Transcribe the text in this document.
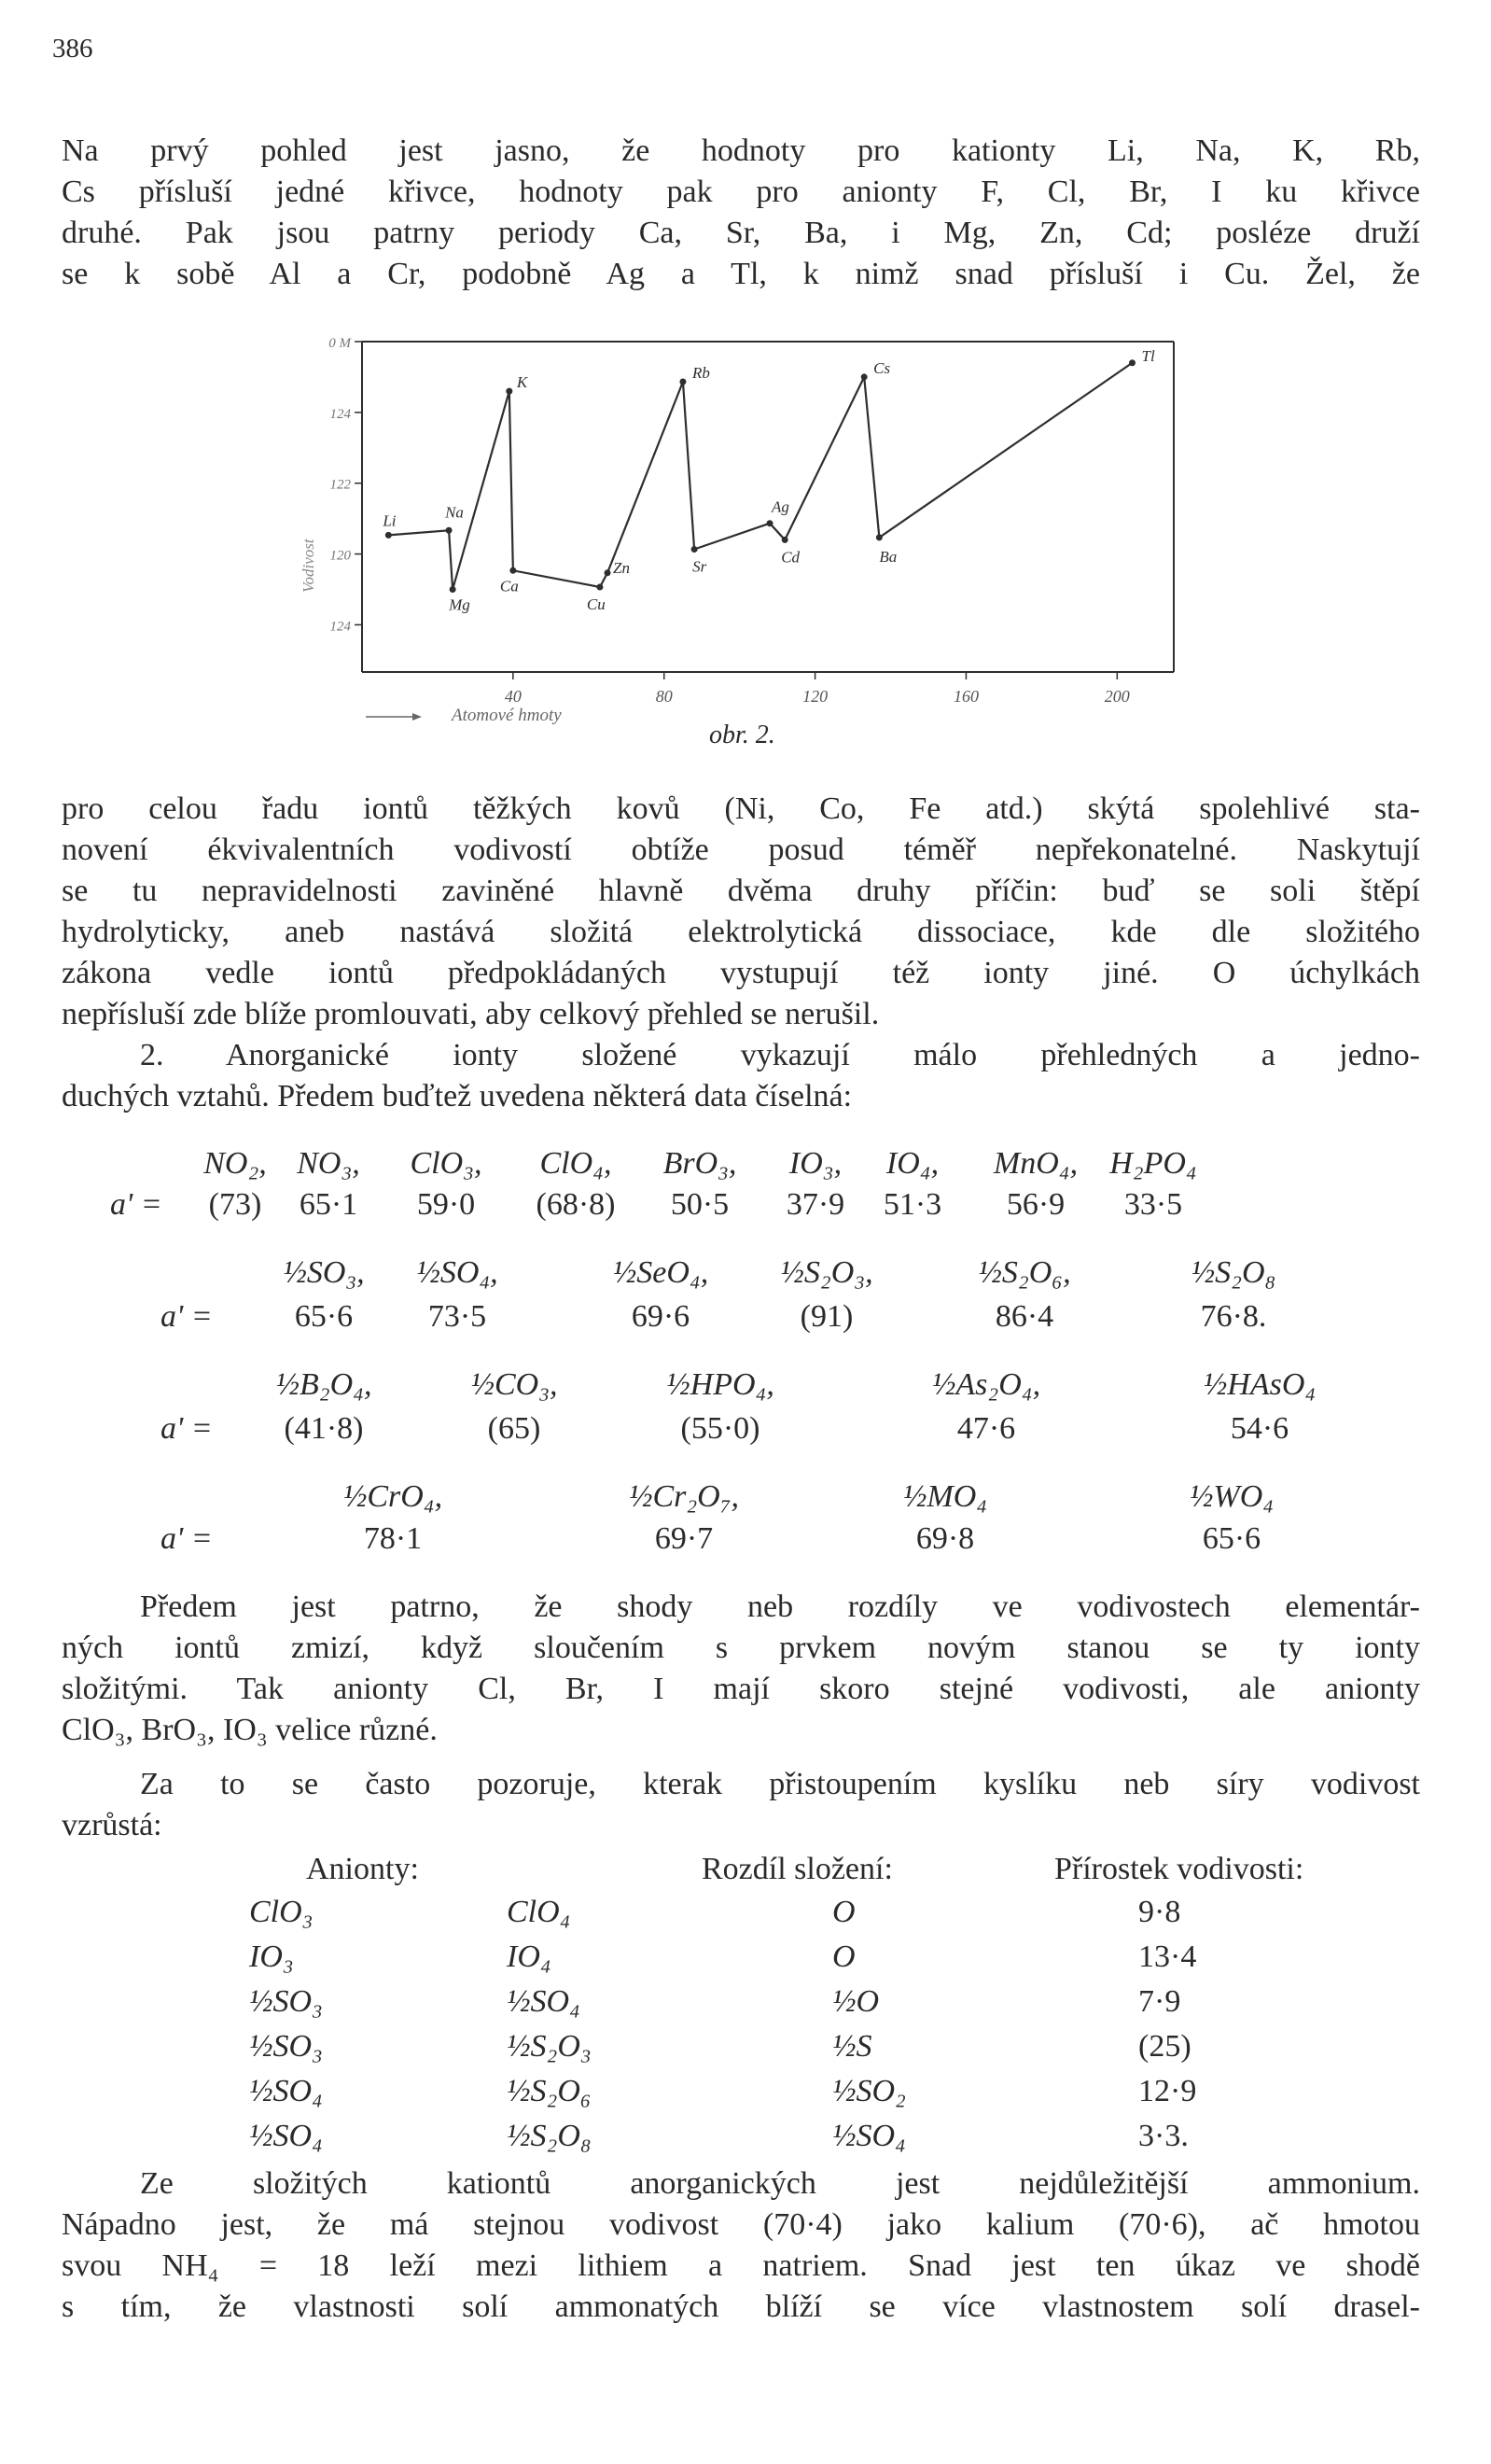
386
Na prvý pohled jest jasno, že hodnoty pro kationty Li, Na, K, Rb,
Cs přísluší jedné křivce, hodnoty pak pro anionty F, Cl, Br, I ku křivce
druhé. Pak jsou patrny periody Ca, Sr, Ba, i Mg, Zn, Cd; posléze druží
se k sobě Al a Cr, podobně Ag a Tl, k nimž snad přísluší i Cu. Žel, že
0 M
124
122
120
124
40	80	120	160	200
Atomové hmoty
Vodivost
Li	Na
Mg
K
Ca
Cu
Zn
Rb
Sr
Ag
Cd
Cs
Ba
Tl
obr. 2.
pro celou řadu iontů těžkých kovů (Ni, Co, Fe atd.) skýtá spolehlivé sta-
novení ékvivalentních vodivostí obtíže posud téměř nepřekonatelné. Naskytují
se tu nepravidelnosti zaviněné hlavně dvěma druhy příčin: buď se soli štěpí
hydrolyticky, aneb nastává složitá elektrolytická dissociace, kde dle složitého
zákona vedle iontů předpokládaných vystupují též ionty jiné. O úchylkách
nepřísluší zde blíže promlouvati, aby celkový přehled se nerušil.
2. Anorganické ionty složené vykazují málo přehledných a jedno-
duchých vztahů. Předem buďtež uvedena některá data číselná:
a' =
NO₂, NO₃,	ClO₃,	ClO₄,	BrO₃,	IO₃,	IO₄,	MnO₄,	H₂PO₄
(73)	65·1	59·0	(68·8)	50·5	37·9	51·3	56·9	33·5
a' =
½SO₃,	½SO₄,	½SeO₄,	½S₂O₃,	½S₂O₆,	½S₂O₈
65·6	73·5	69·6	(91)	86·4	76·8.
a' =
½B₂O₄,	½CO₃,	½HPO₄,	½As₂O₄,	½HAsO₄
(41·8)	(65)	(55·0)	47·6	54·6
a' =
½CrO₄,	½Cr₂O₇,	½MO₄	½WO₄
78·1	69·7	69·8	65·6
Předem jest patrno, že shody neb rozdíly ve vodivostech elementár-
ných iontů zmizí, když sloučením s prvkem novým stanou se ty ionty
složitými. Tak anionty Cl, Br, I mají skoro stejné vodivosti, ale anionty
ClO₃, BrO₃, IO₃ velice různé.
Za to se často pozoruje, kterak přistoupením kyslíku neb síry vodivost
vzrůstá:
Anionty:	Rozdíl složení:	Přírostek vodivosti:
ClO₃	ClO₄	O	9·8
IO₃	IO₄	O	13·4
½SO₃	½SO₄	½O	7·9
½SO₃	½S₂O₃	½S	(25)
½SO₄	½S₂O₆	½SO₂	12·9
½SO₄	½S₂O₈	½SO₄	3·3.
Ze složitých kationtů anorganických jest nejdůležitější ammonium.
Nápadno jest, že má stejnou vodivost (70·4) jako kalium (70·6), ač hmotou
svou NH₄ = 18 leží mezi lithiem a natriem. Snad jest ten úkaz ve shodě
s tím, že vlastnosti solí ammonatých blíží se více vlastnostem solí drasel-
